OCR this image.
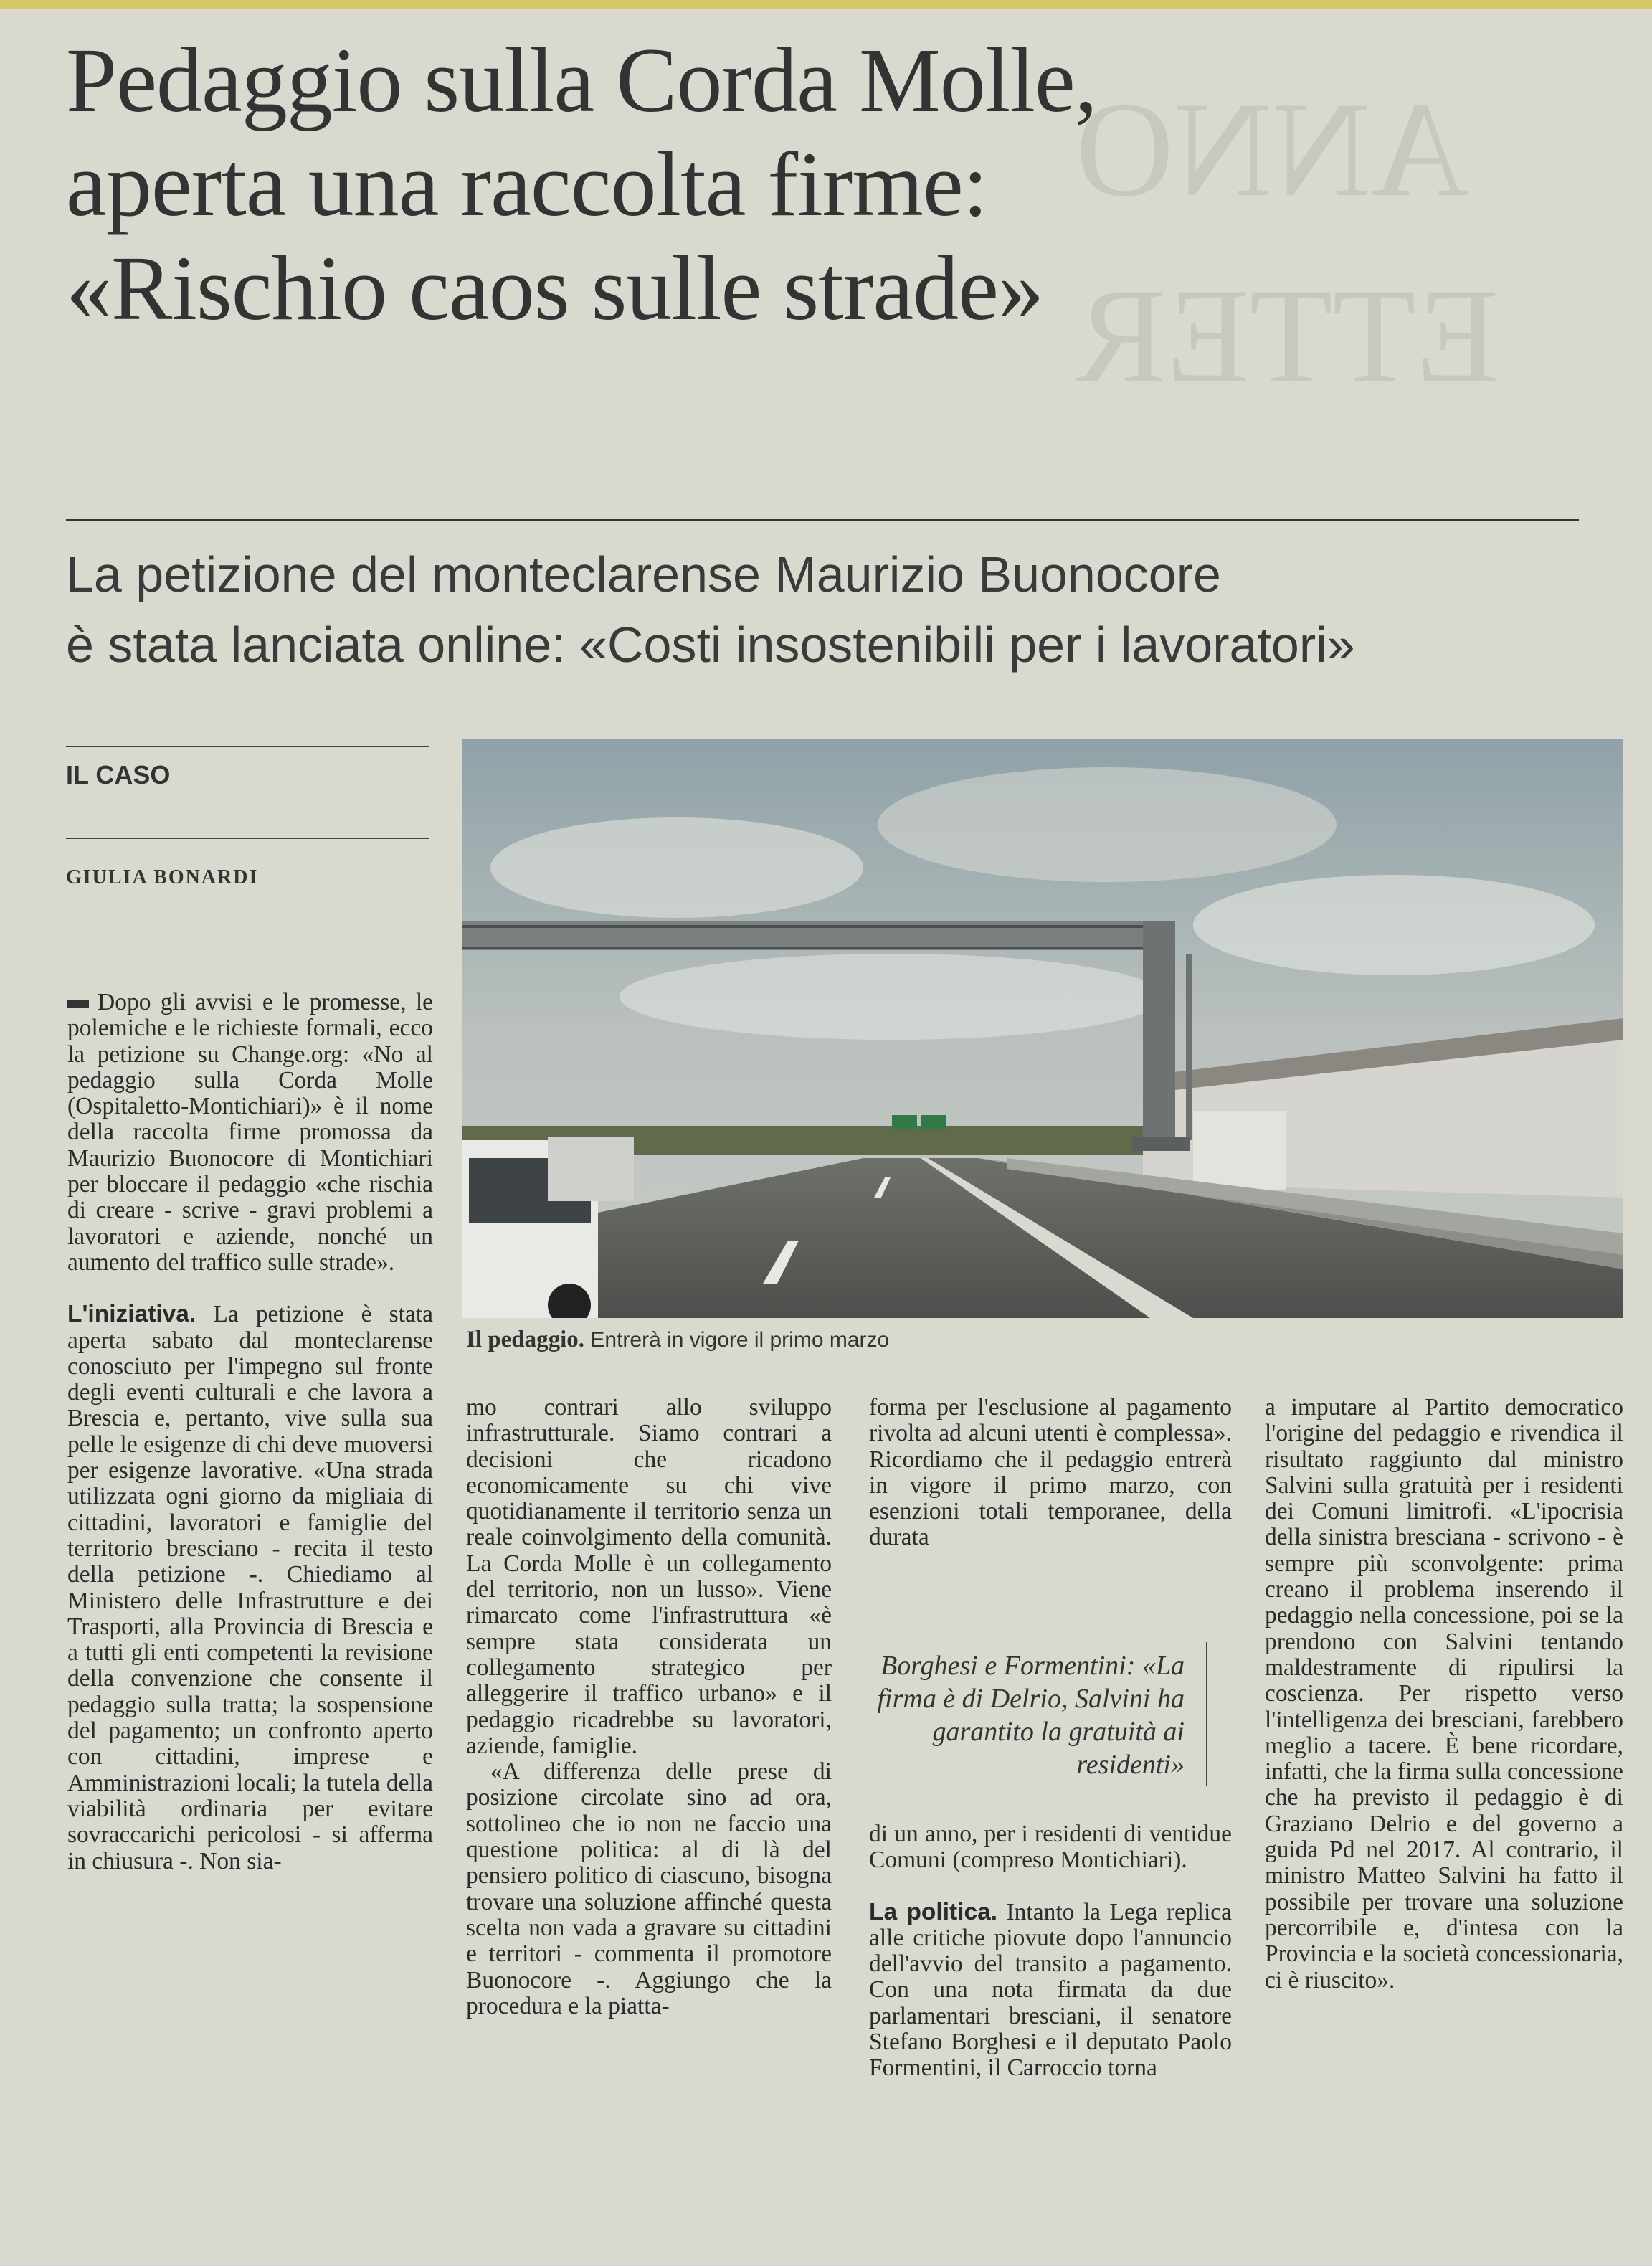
ANNO
ETTER
Pedaggio sulla Corda Molle,
aperta una raccolta firme:
«Rischio caos sulle strade»
La petizione del monteclarense Maurizio Buonocore
è stata lanciata online: «Costi insostenibili per i lavoratori»

IL CASO

GIULIA BONARDI

Dopo gli avvisi e le promesse, le polemiche e le richieste formali, ecco la petizione su Change.org: «No al pedaggio sulla Corda Molle (Ospitaletto-Montichiari)» è il nome della raccolta firme promossa da Maurizio Buonocore di Montichiari per bloccare il pedaggio «che rischia di creare - scrive - gravi problemi a lavoratori e aziende, nonché un aumento del traffico sulle strade».

L'iniziativa. La petizione è stata aperta sabato dal monteclarense conosciuto per l'impegno sul fronte degli eventi culturali e che lavora a Brescia e, pertanto, vive sulla sua pelle le esigenze di chi deve muoversi per esigenze lavorative. «Una strada utilizzata ogni giorno da migliaia di cittadini, lavoratori e famiglie del territorio bresciano - recita il testo della petizione -. Chiediamo al Ministero delle Infrastrutture e dei Trasporti, alla Provincia di Brescia e a tutti gli enti competenti la revisione della convenzione che consente il pedaggio sulla tratta; la sospensione del pagamento; un confronto aperto con cittadini, imprese e Amministrazioni locali; la tutela della viabilità ordinaria per evitare sovraccarichi pericolosi - si afferma in chiusura -. Non sia-

Il pedaggio. Entrerà in vigore il primo marzo

mo contrari allo sviluppo infrastrutturale. Siamo contrari a decisioni che ricadono economicamente su chi vive quotidianamente il territorio senza un reale coinvolgimento della comunità. La Corda Molle è un collegamento del territorio, non un lusso». Viene rimarcato come l'infrastruttura «è sempre stata considerata un collegamento strategico per alleggerire il traffico urbano» e il pedaggio ricadrebbe su lavoratori, aziende, famiglie.

«A differenza delle prese di posizione circolate sino ad ora, sottolineo che io non ne faccio una questione politica: al di là del pensiero politico di ciascuno, bisogna trovare una soluzione affinché questa scelta non vada a gravare su cittadini e territori - commenta il promotore Buonocore -. Aggiungo che la procedura e la piatta-

forma per l'esclusione al pagamento rivolta ad alcuni utenti è complessa». Ricordiamo che il pedaggio entrerà in vigore il primo marzo, con esenzioni totali temporanee, della durata

Borghesi e Formentini: «La firma è di Delrio, Salvini ha garantito la gratuità ai residenti»

di un anno, per i residenti di ventidue Comuni (compreso Montichiari).

La politica. Intanto la Lega replica alle critiche piovute dopo l'annuncio dell'avvio del transito a pagamento. Con una nota firmata da due parlamentari bresciani, il senatore Stefano Borghesi e il deputato Paolo Formentini, il Carroccio torna

a imputare al Partito democratico l'origine del pedaggio e rivendica il risultato raggiunto dal ministro Salvini sulla gratuità per i residenti dei Comuni limitrofi. «L'ipocrisia della sinistra bresciana - scrivono - è sempre più sconvolgente: prima creano il problema inserendo il pedaggio nella concessione, poi se la prendono con Salvini tentando maldestramente di ripulirsi la coscienza. Per rispetto verso l'intelligenza dei bresciani, farebbero meglio a tacere. È bene ricordare, infatti, che la firma sulla concessione che ha previsto il pedaggio è di Graziano Delrio e del governo a guida Pd nel 2017. Al contrario, il ministro Matteo Salvini ha fatto il possibile per trovare una soluzione percorribile e, d'intesa con la Provincia e la società concessionaria, ci è riuscito».
